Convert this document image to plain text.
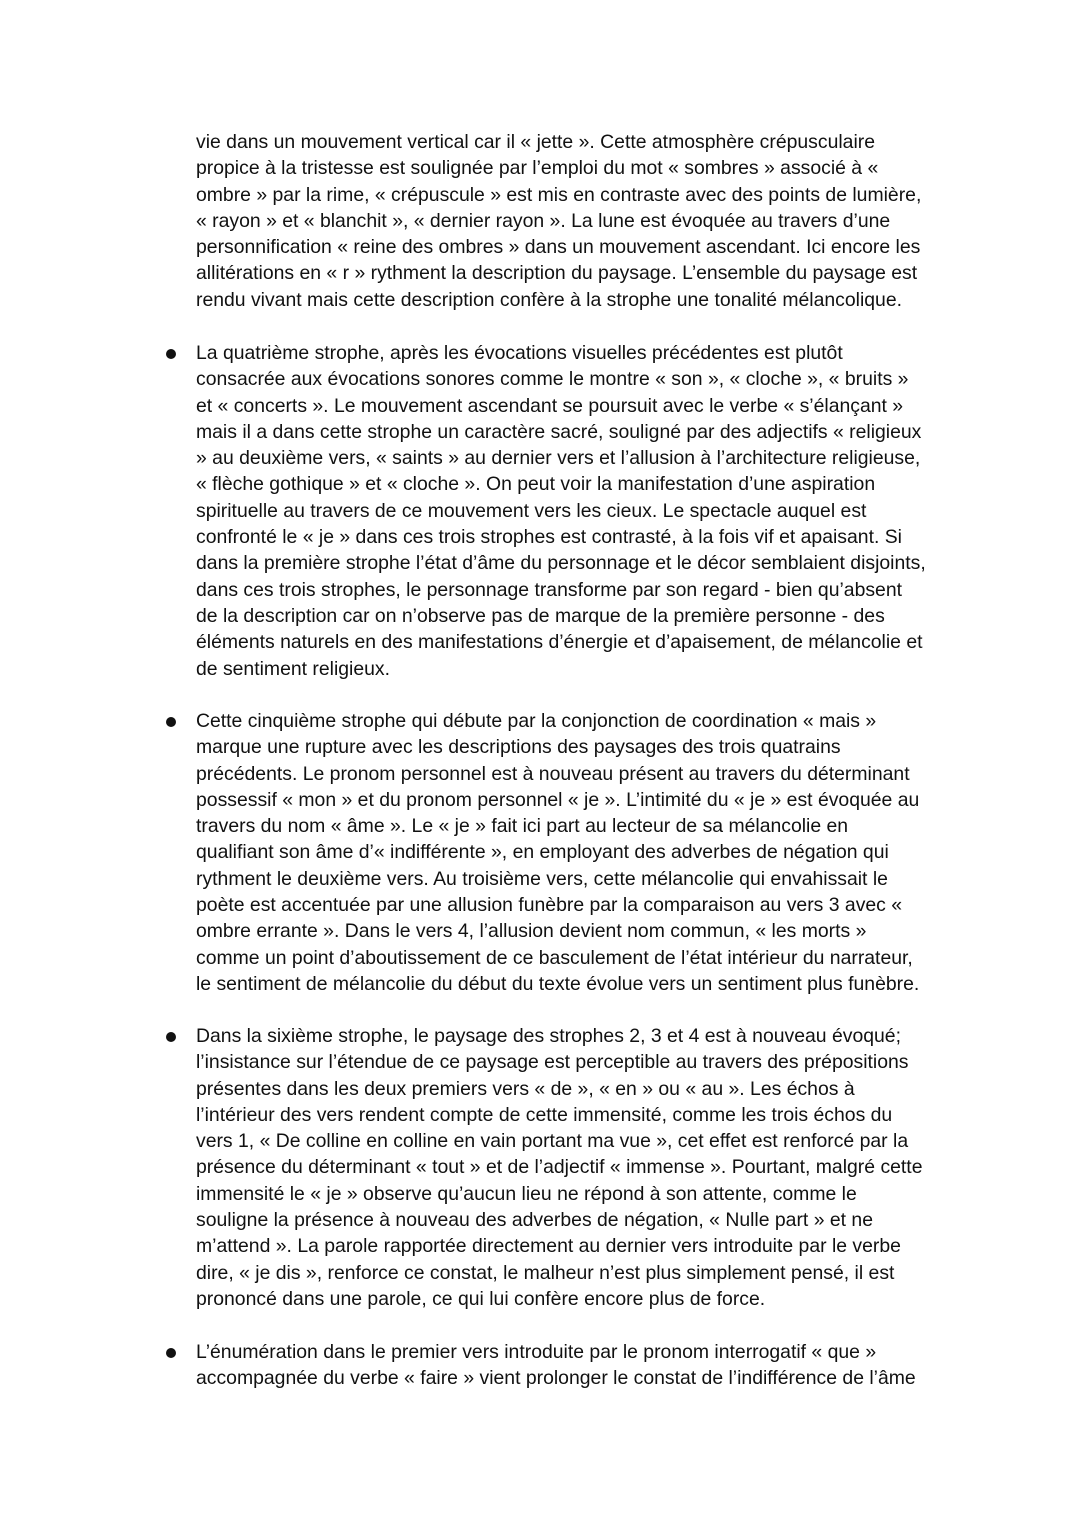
vie dans un mouvement vertical car il « jette ». Cette atmosphère crépusculaire
propice à la tristesse est soulignée par l’emploi du mot « sombres » associé à «
ombre » par la rime, « crépuscule » est mis en contraste avec des points de lumière,
« rayon » et « blanchit », « dernier rayon ». La lune est évoquée au travers d’une
personnification « reine des ombres » dans un mouvement ascendant. Ici encore les
allitérations en « r » rythment la description du paysage. L’ensemble du paysage est
rendu vivant mais cette description confère à la strophe une tonalité mélancolique.

La quatrième strophe, après les évocations visuelles précédentes est plutôt
consacrée aux évocations sonores comme le montre « son », « cloche », « bruits »
et « concerts ». Le mouvement ascendant se poursuit avec le verbe « s’élançant »
mais il a dans cette strophe un caractère sacré, souligné par des adjectifs « religieux
» au deuxième vers, « saints » au dernier vers et l’allusion à l’architecture religieuse,
« flèche gothique » et « cloche ». On peut voir la manifestation d’une aspiration
spirituelle au travers de ce mouvement vers les cieux. Le spectacle auquel est
confronté le « je » dans ces trois strophes est contrasté, à la fois vif et apaisant. Si
dans la première strophe l’état d’âme du personnage et le décor semblaient disjoints,
dans ces trois strophes, le personnage transforme par son regard - bien qu’absent
de la description car on n’observe pas de marque de la première personne - des
éléments naturels en des manifestations d’énergie et d’apaisement, de mélancolie et
de sentiment religieux.

Cette cinquième strophe qui débute par la conjonction de coordination « mais »
marque une rupture avec les descriptions des paysages des trois quatrains
précédents. Le pronom personnel est à nouveau présent au travers du déterminant
possessif « mon » et du pronom personnel « je ». L’intimité du « je » est évoquée au
travers du nom « âme ». Le « je » fait ici part au lecteur de sa mélancolie en
qualifiant son âme d’« indifférente », en employant des adverbes de négation qui
rythment le deuxième vers. Au troisième vers, cette mélancolie qui envahissait le
poète est accentuée par une allusion funèbre par la comparaison au vers 3 avec «
ombre errante ». Dans le vers 4, l’allusion devient nom commun, « les morts »
comme un point d’aboutissement de ce basculement de l’état intérieur du narrateur,
le sentiment de mélancolie du début du texte évolue vers un sentiment plus funèbre.

Dans la sixième strophe, le paysage des strophes 2, 3 et 4 est à nouveau évoqué;
l’insistance sur l’étendue de ce paysage est perceptible au travers des prépositions
présentes dans les deux premiers vers « de », « en » ou « au ». Les échos à
l’intérieur des vers rendent compte de cette immensité, comme les trois échos du
vers 1, « De colline en colline en vain portant ma vue », cet effet est renforcé par la
présence du déterminant « tout » et de l’adjectif « immense ». Pourtant, malgré cette
immensité le « je » observe qu’aucun lieu ne répond à son attente, comme le
souligne la présence à nouveau des adverbes de négation, « Nulle part » et ne
m’attend ». La parole rapportée directement au dernier vers introduite par le verbe
dire, « je dis », renforce ce constat, le malheur n’est plus simplement pensé, il est
prononcé dans une parole, ce qui lui confère encore plus de force.

L’énumération dans le premier vers introduite par le pronom interrogatif « que »
accompagnée du verbe « faire » vient prolonger le constat de l’indifférence de l’âme
